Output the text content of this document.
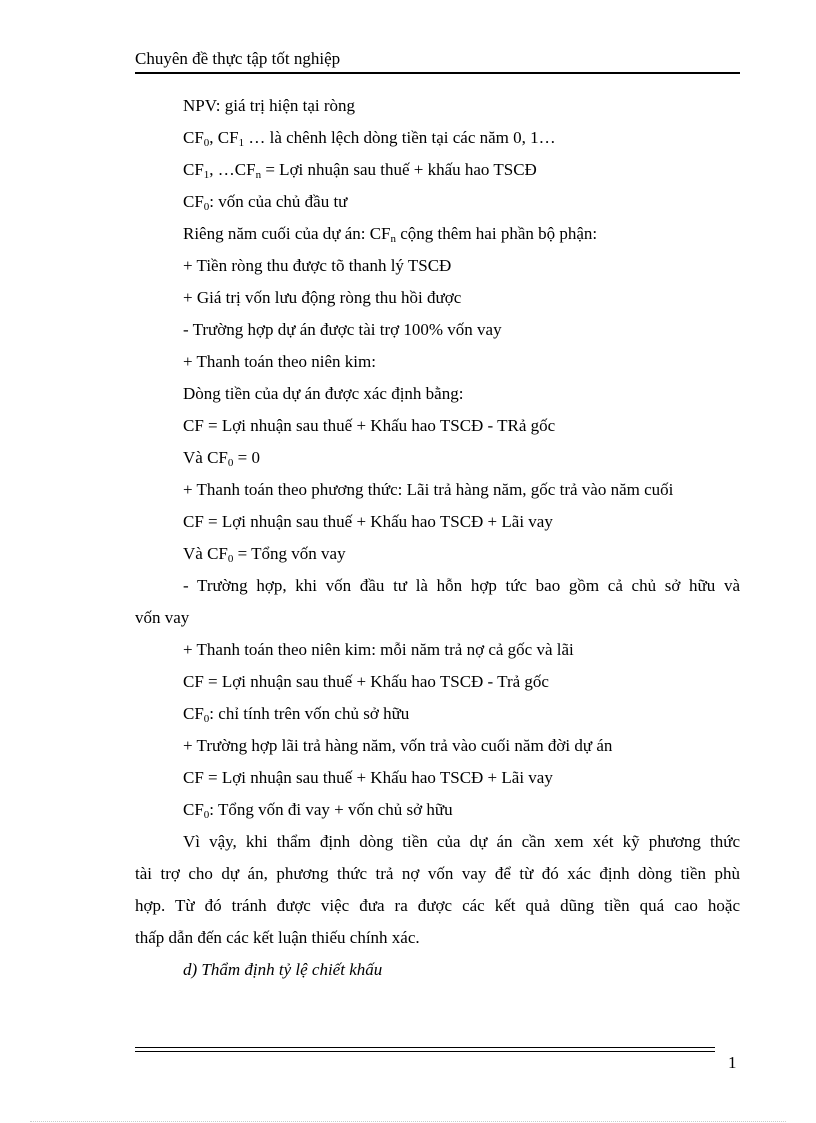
Chuyên đề thực tập tốt nghiệp
NPV: giá trị hiện tại ròng
$CF_0$, $CF_1$ … là chênh lệch dòng tiền tại các năm 0, 1…
$CF_1$, $\dots CF_n$ = Lợi nhuận sau thuế + khấu hao TSCĐ
$CF_0$: vốn của chủ đầu tư
Riêng năm cuối của dự án: $CF_n$ cộng thêm hai phần bộ phận:
+ Tiền ròng thu được tõ thanh lý TSCĐ
+ Giá trị vốn lưu động ròng thu hồi được
- Trường hợp dự án được tài trợ 100% vốn vay
+ Thanh toán theo niên kim:
Dòng tiền của dự án được xác định bằng:
CF = Lợi nhuận sau thuế + Khấu hao TSCĐ - TRả gốc
Và $CF_0 = 0$
+ Thanh toán theo phương thức: Lãi trả hàng năm, gốc trả vào năm cuối
CF = Lợi nhuận sau thuế + Khấu hao TSCĐ + Lãi vay
Và $CF_0$ = Tổng vốn vay
- Trường hợp, khi vốn đầu tư là hỗn hợp tức bao gồm cả chủ sở hữu và
vốn vay
+ Thanh toán theo niên kim: mỗi năm trả nợ cả gốc và lãi
CF = Lợi nhuận sau thuế + Khấu hao TSCĐ - Trả gốc
$CF_0$: chỉ tính trên vốn chủ sở hữu
+ Trường hợp lãi trả hàng năm, vốn trả vào cuối năm đời dự án
CF = Lợi nhuận sau thuế + Khấu hao TSCĐ + Lãi vay
$CF_0$: Tổng vốn đi vay + vốn chủ sở hữu
Vì vậy, khi thẩm định dòng tiền của dự án cần xem xét kỹ phương thức
tài trợ cho dự án, phương thức trả nợ vốn vay để từ đó xác định dòng tiền phù
hợp. Từ đó tránh được việc đưa ra được các kết quả dũng tiền quá cao hoặc
thấp dẫn đến các kết luận thiếu chính xác.
d) Thẩm định tỷ lệ chiết khấu
1
